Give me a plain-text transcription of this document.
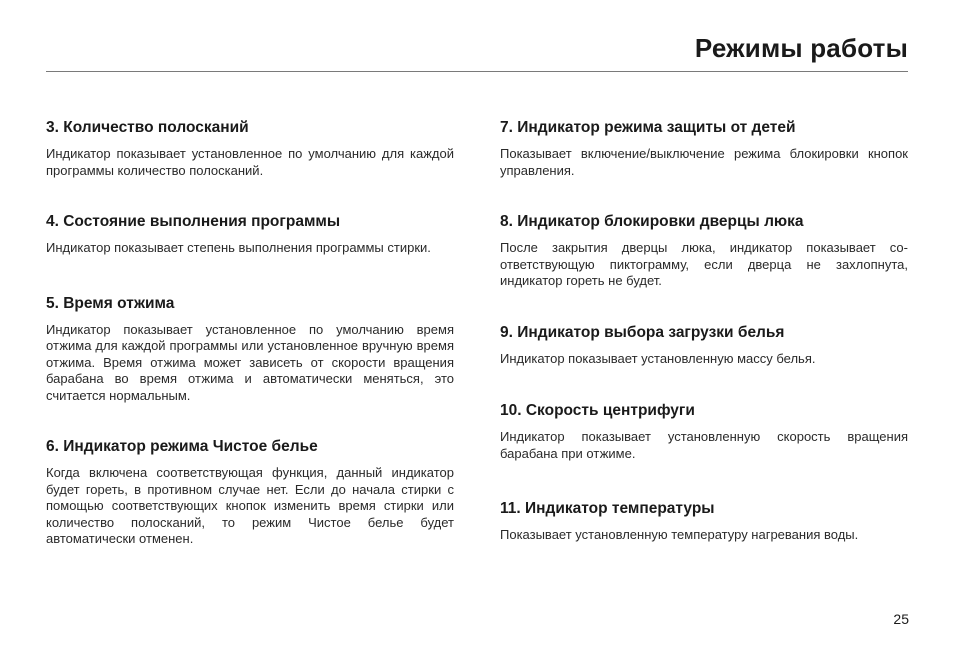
Режимы работы
3. Количество полосканий

Индикатор показывает установленное по умолчанию для каждой программы количество полосканий.

4. Состояние выполнения программы

Индикатор показывает степень выполнения программы стирки.

5. Время отжима

Индикатор показывает установленное по умолчанию время отжима для каждой программы или установленное вручную время отжима. Время отжима может зависеть от скорости вращения барабана во время отжима и автоматически меняться, это считается нормальным.

6. Индикатор режима Чистое белье

Когда включена соответствующая функция, данный индикатор будет гореть, в противном случае нет. Если до начала стирки с помощью соответствующих кнопок изменить время стирки или количество полосканий, то режим Чистое белье будет автоматически отменен.

7. Индикатор режима защиты от детей

Показывает включение/выключение режима блокировки кнопок управления.

8. Индикатор блокировки дверцы люка

После закрытия дверцы люка, индикатор показывает соответствующую пиктограмму, если дверца не захлопнута, индикатор гореть не будет.

9. Индикатор выбора загрузки белья

Индикатор показывает установленную массу белья.

10. Скорость центрифуги

Индикатор показывает установленную скорость вращения барабана при отжиме.

11. Индикатор температуры

Показывает установленную температуру нагревания воды.

25
